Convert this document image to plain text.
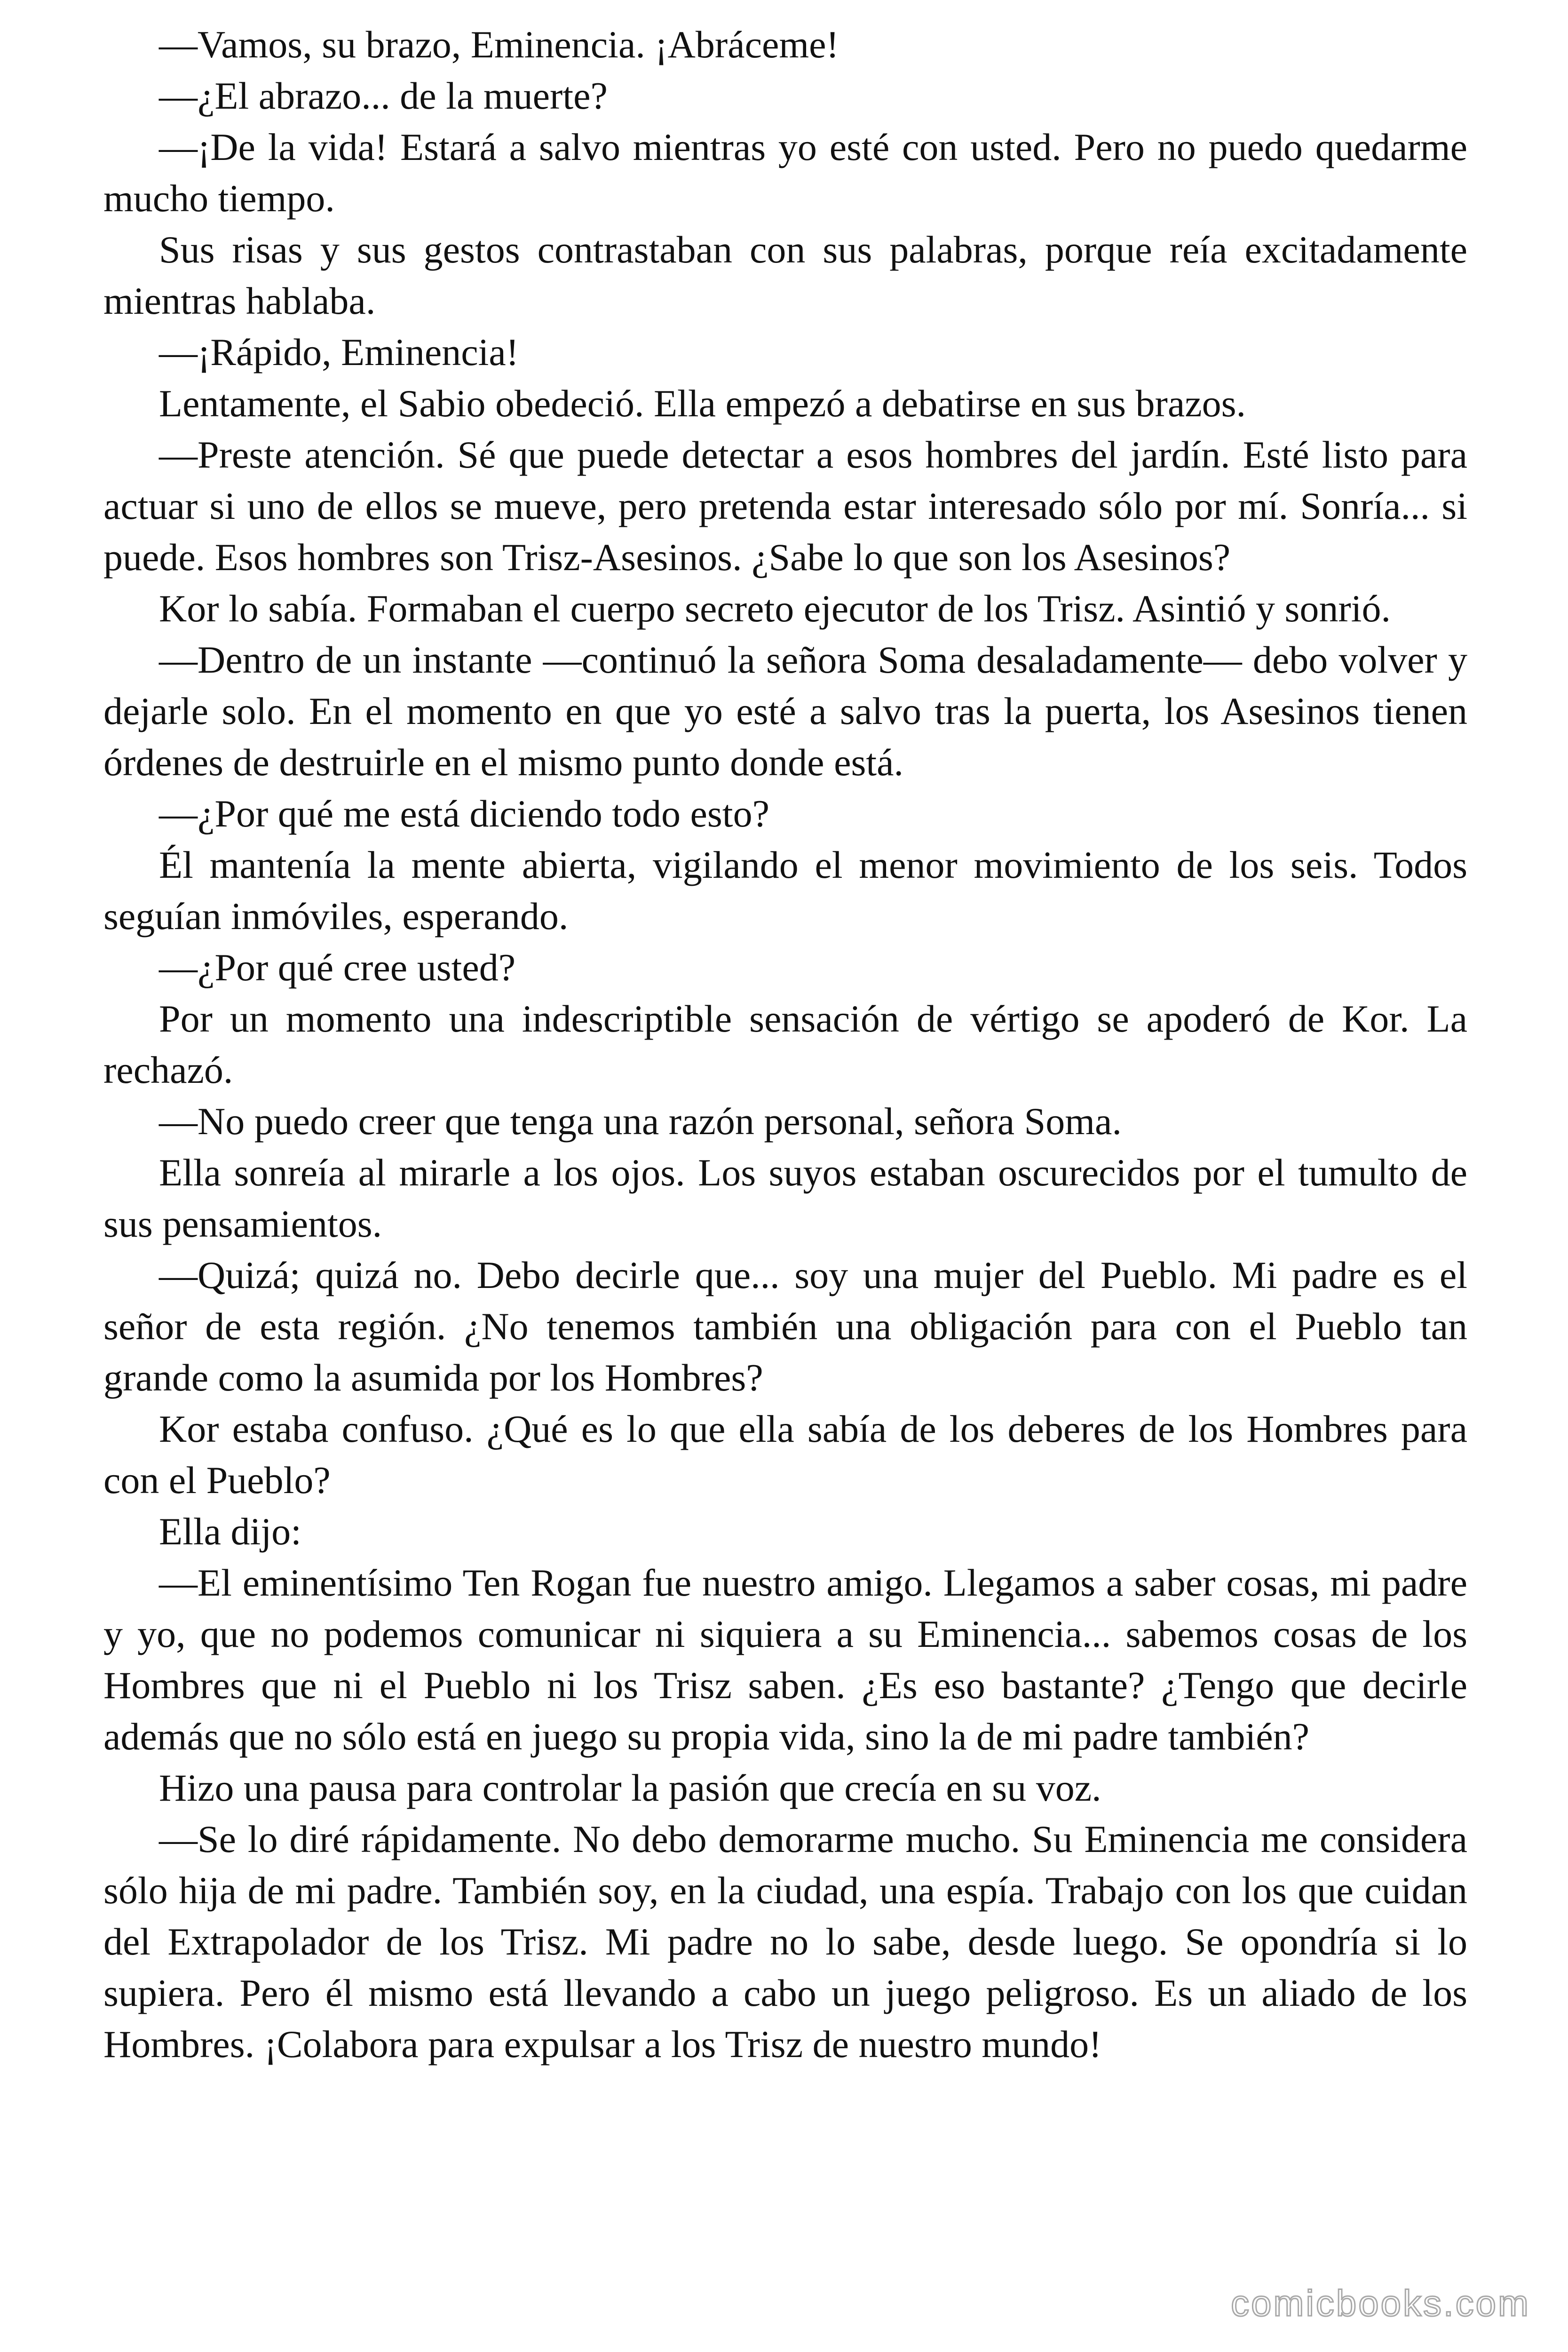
—Vamos, su brazo, Eminencia. ¡Abráceme!

—¿El abrazo... de la muerte?

—¡De la vida! Estará a salvo mientras yo esté con usted. Pero no puedo quedarme mucho tiempo.

Sus risas y sus gestos contrastaban con sus palabras, porque reía excitadamente mientras hablaba.

—¡Rápido, Eminencia!

Lentamente, el Sabio obedeció. Ella empezó a debatirse en sus brazos.

—Preste atención. Sé que puede detectar a esos hombres del jardín. Esté listo para actuar si uno de ellos se mueve, pero pretenda estar interesado sólo por mí. Sonría... si puede. Esos hombres son Trisz-Asesinos. ¿Sabe lo que son los Asesinos?

Kor lo sabía. Formaban el cuerpo secreto ejecutor de los Trisz. Asintió y sonrió.

—Dentro de un instante —continuó la señora Soma desaladamente— debo volver y dejarle solo. En el momento en que yo esté a salvo tras la puerta, los Asesinos tienen órdenes de destruirle en el mismo punto donde está.

—¿Por qué me está diciendo todo esto?

Él mantenía la mente abierta, vigilando el menor movimiento de los seis. Todos seguían inmóviles, esperando.

—¿Por qué cree usted?

Por un momento una indescriptible sensación de vértigo se apoderó de Kor. La rechazó.

—No puedo creer que tenga una razón personal, señora Soma.

Ella sonreía al mirarle a los ojos. Los suyos estaban oscurecidos por el tumulto de sus pensamientos.

—Quizá; quizá no. Debo decirle que... soy una mujer del Pueblo. Mi padre es el señor de esta región. ¿No tenemos también una obligación para con el Pueblo tan grande como la asumida por los Hombres?

Kor estaba confuso. ¿Qué es lo que ella sabía de los deberes de los Hombres para con el Pueblo?

Ella dijo:

—El eminentísimo Ten Rogan fue nuestro amigo. Llegamos a saber cosas, mi padre y yo, que no podemos comunicar ni siquiera a su Eminencia... sabemos cosas de los Hombres que ni el Pueblo ni los Trisz saben. ¿Es eso bastante? ¿Tengo que decirle además que no sólo está en juego su propia vida, sino la de mi padre también?

Hizo una pausa para controlar la pasión que crecía en su voz.

—Se lo diré rápidamente. No debo demorarme mucho. Su Eminencia me considera sólo hija de mi padre. También soy, en la ciudad, una espía. Trabajo con los que cuidan del Extrapolador de los Trisz. Mi padre no lo sabe, desde luego. Se opondría si lo supiera. Pero él mismo está llevando a cabo un juego peligroso. Es un aliado de los Hombres. ¡Colabora para expulsar a los Trisz de nuestro mundo!

comicbooks.com
